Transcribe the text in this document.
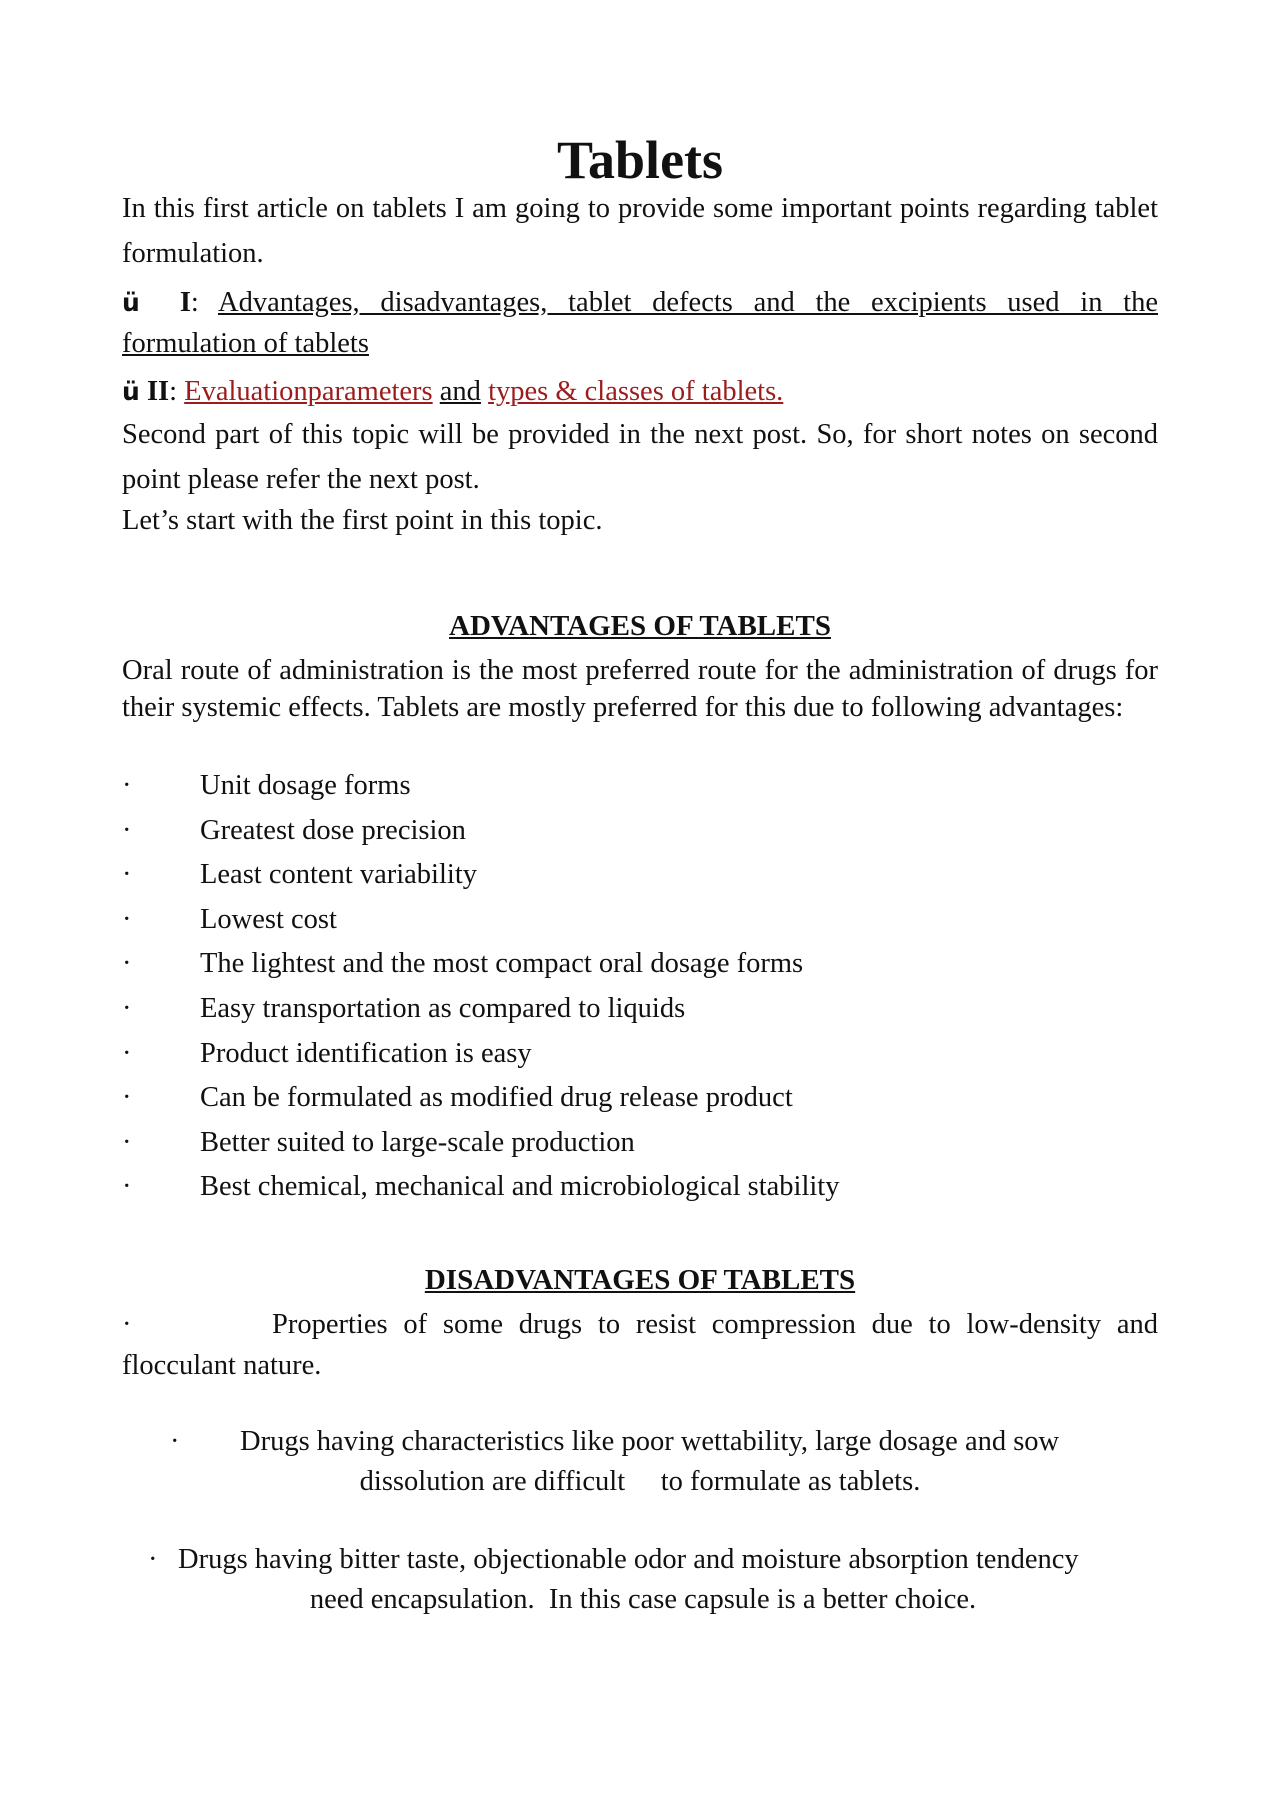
Tablets
In this first article on tablets I am going to provide some important points regarding tablet formulation.
ü I: Advantages, disadvantages, tablet defects and the excipients used in the formulation of tablets
ü II: Evaluationparameters and types & classes of tablets.
Second part of this topic will be provided in the next post. So, for short notes on second point please refer the next post.
Let’s start with the first point in this topic.
ADVANTAGES OF TABLETS
Oral route of administration is the most preferred route for the administration of drugs for their systemic effects. Tablets are mostly preferred for this due to following advantages:
·	Unit dosage forms
·	Greatest dose precision
·	Least content variability
·	Lowest cost
·	The lightest and the most compact oral dosage forms
·	Easy transportation as compared to liquids
·	Product identification is easy
·	Can be formulated as modified drug release product
·	Better suited to large-scale production
·	Best chemical, mechanical and microbiological stability
DISADVANTAGES OF TABLETS
·	Properties of some drugs to resist compression due to low-density and flocculant nature.
· Drugs having characteristics like poor wettability, large dosage and sow
dissolution are difficult     to formulate as tablets.
· Drugs having bitter taste, objectionable odor and moisture absorption tendency
need encapsulation.  In this case capsule is a better choice.
